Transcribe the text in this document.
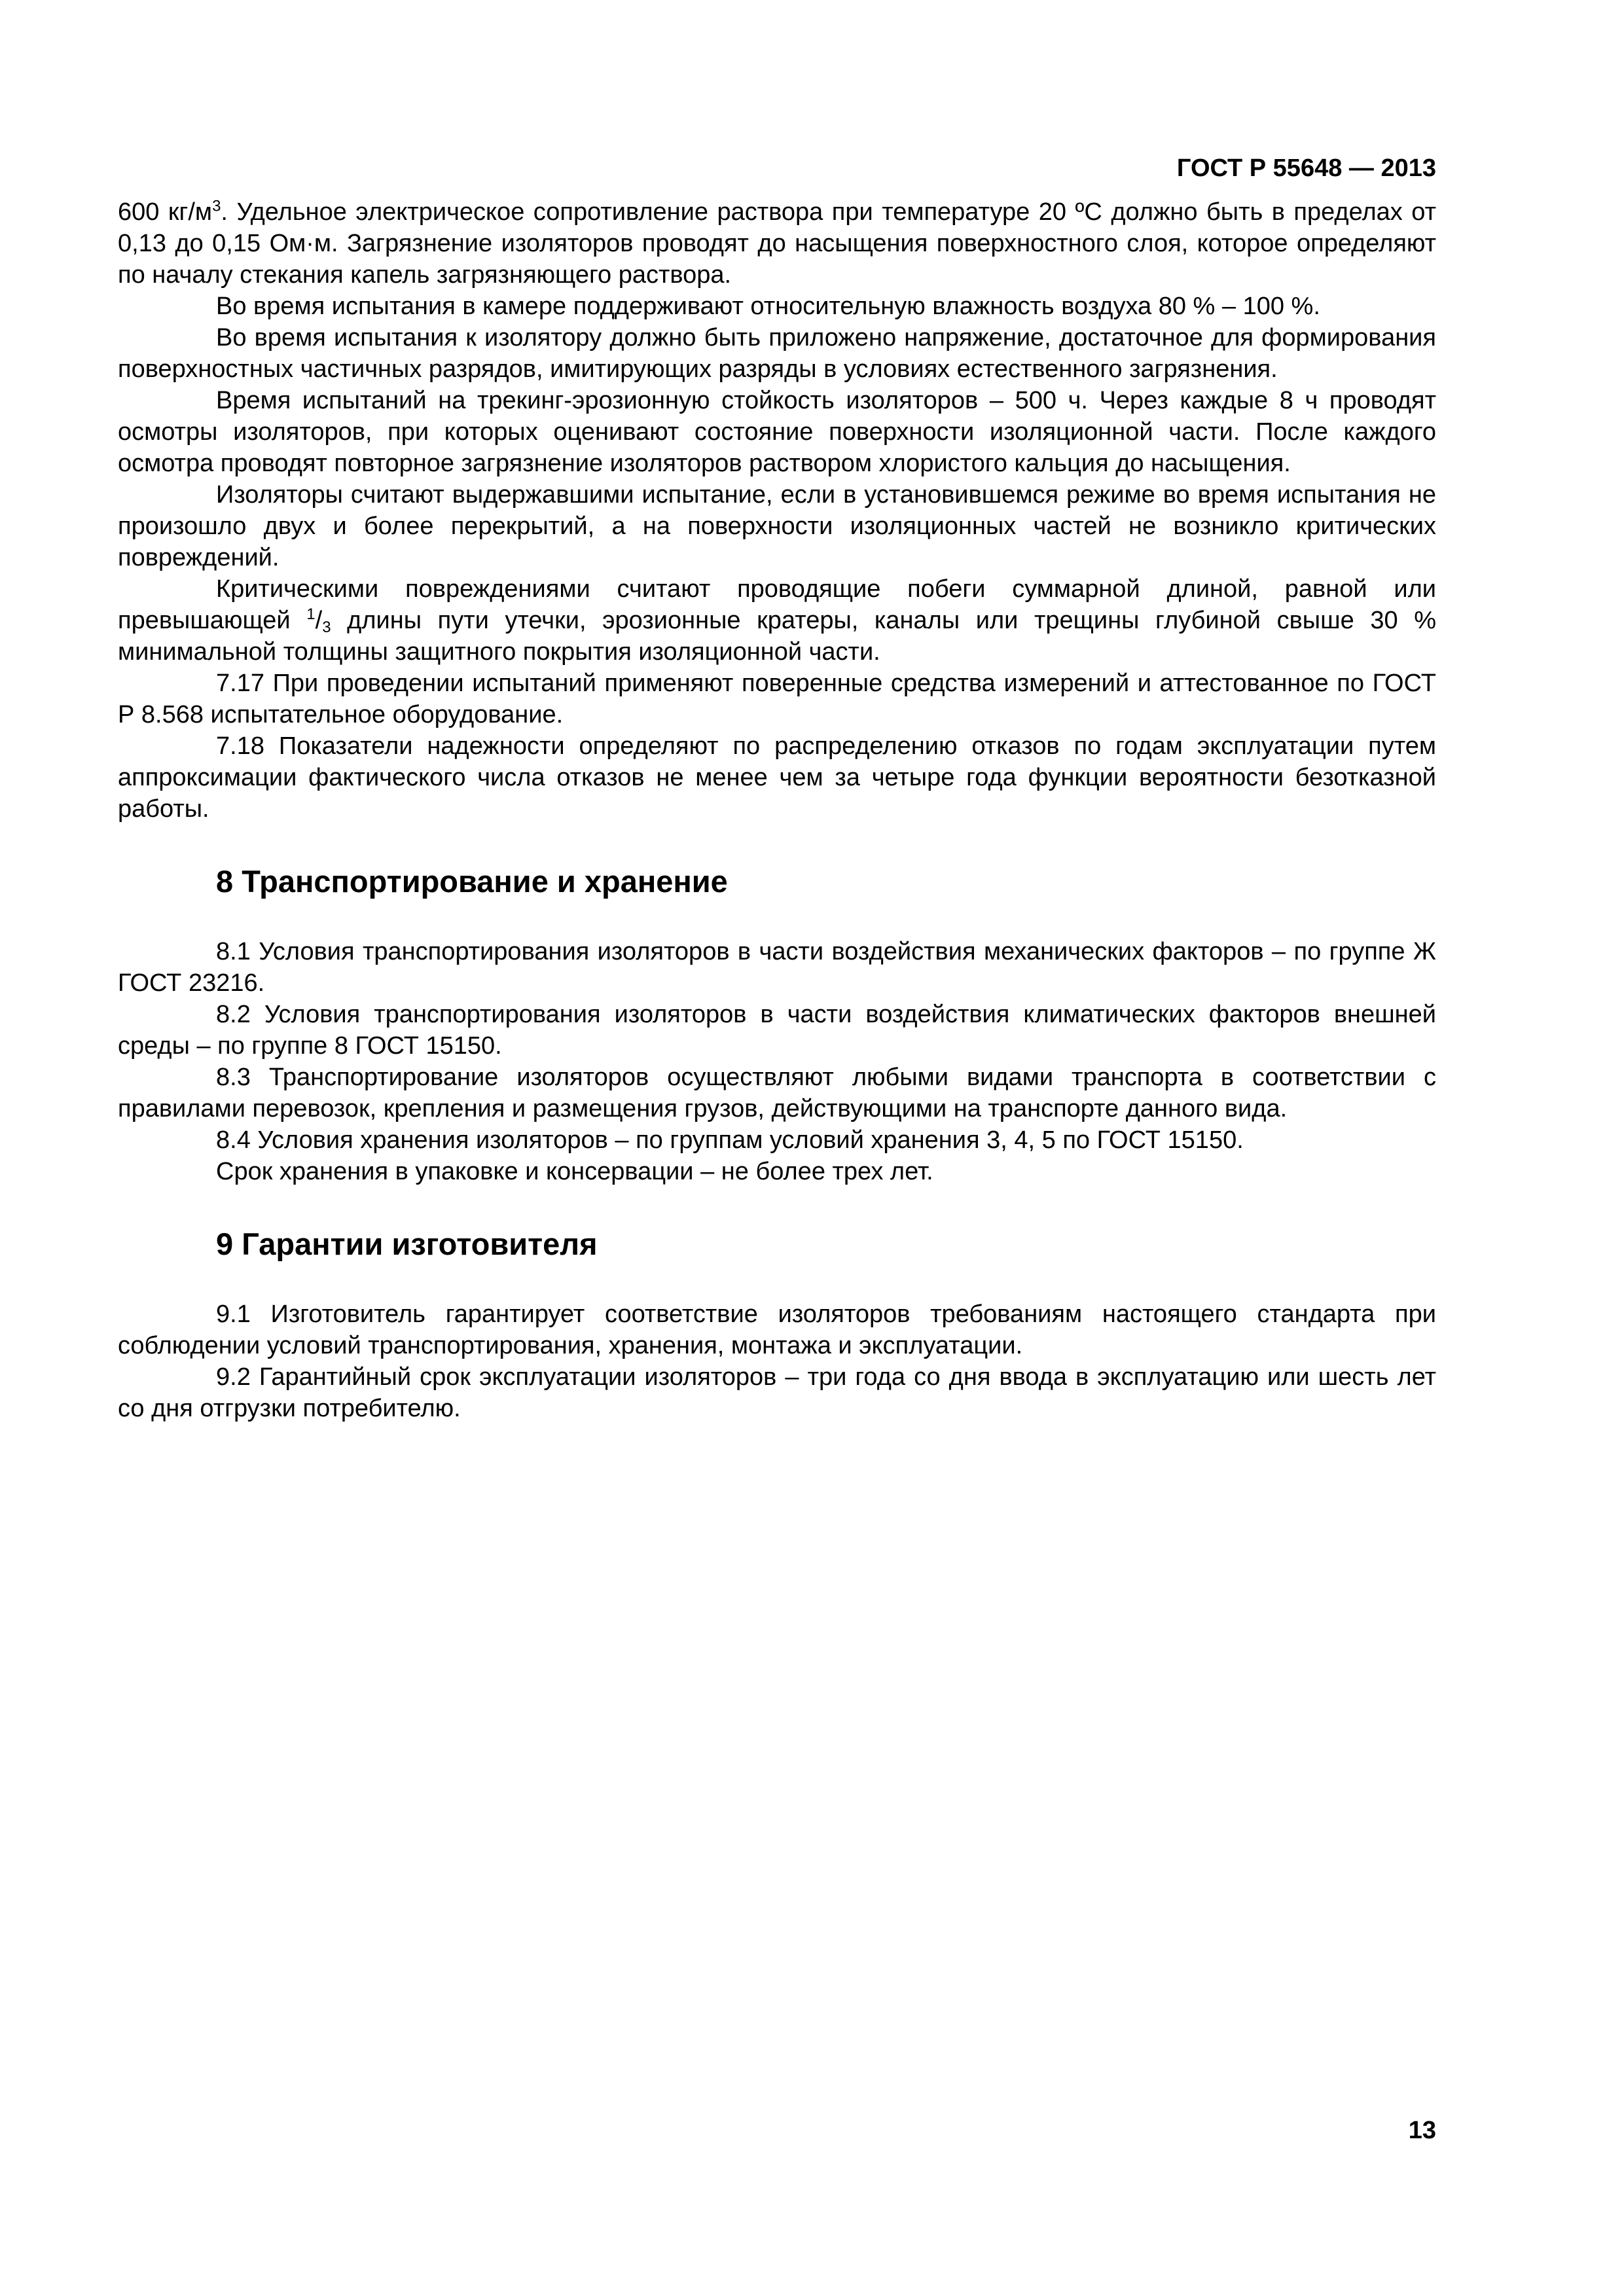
ГОСТ Р 55648 — 2013

600 $кг/м^3$. Удельное электрическое сопротивление раствора при температуре 20 ºС должно быть в пределах от 0,13 до 0,15 Ом·м. Загрязнение изоляторов проводят до насыщения поверхностного слоя, которое определяют по началу стекания капель загрязняющего раствора.

Во время испытания в камере поддерживают относительную влажность воздуха 80 % – 100 %.

Во время испытания к изолятору должно быть приложено напряжение, достаточное для формирования поверхностных частичных разрядов, имитирующих разряды в условиях естественного загрязнения.

Время испытаний на трекинг-эрозионную стойкость изоляторов – 500 ч. Через каждые 8 ч проводят осмотры изоляторов, при которых оценивают состояние поверхности изоляционной части. После каждого осмотра проводят повторное загрязнение изоляторов раствором хлористого кальция до насыщения.

Изоляторы считают выдержавшими испытание, если в установившемся режиме во время испытания не произошло двух и более перекрытий, а на поверхности изоляционных частей не возникло критических повреждений.

Критическими повреждениями считают проводящие побеги суммарной длиной, равной или превышающей $^1/_3$ длины пути утечки, эрозионные кратеры, каналы или трещины глубиной свыше 30 % минимальной толщины защитного покрытия изоляционной части.

7.17 При проведении испытаний применяют поверенные средства измерений и аттестованное по ГОСТ Р 8.568 испытательное оборудование.

7.18 Показатели надежности определяют по распределению отказов по годам эксплуатации путем аппроксимации фактического числа отказов не менее чем за четыре года функции вероятности безотказной работы.

8 Транспортирование и хранение

8.1 Условия транспортирования изоляторов в части воздействия механических факторов – по группе Ж ГОСТ 23216.

8.2 Условия транспортирования изоляторов в части воздействия климатических факторов внешней среды – по группе 8 ГОСТ 15150.

8.3 Транспортирование изоляторов осуществляют любыми видами транспорта в соответствии с правилами перевозок, крепления и размещения грузов, действующими на транспорте данного вида.

8.4 Условия хранения изоляторов – по группам условий хранения 3, 4, 5 по ГОСТ 15150.

Срок хранения в упаковке и консервации – не более трех лет.

9 Гарантии изготовителя

9.1 Изготовитель гарантирует соответствие изоляторов требованиям настоящего стандарта при соблюдении условий транспортирования, хранения, монтажа и эксплуатации.

9.2 Гарантийный срок эксплуатации изоляторов – три года со дня ввода в эксплуатацию или шесть лет со дня отгрузки потребителю.

13
